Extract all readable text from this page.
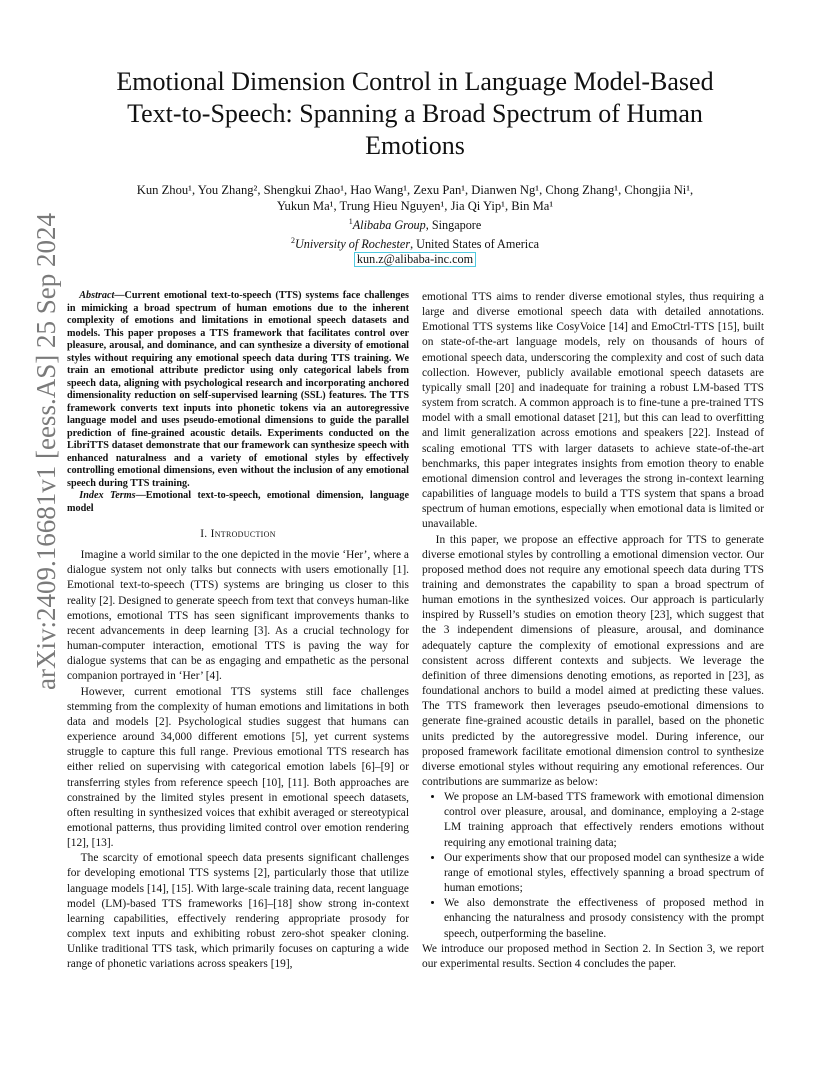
arXiv:2409.16681v1 [eess.AS] 25 Sep 2024
Emotional Dimension Control in Language Model-Based
Text-to-Speech: Spanning a Broad Spectrum of Human
Emotions
Kun Zhou¹, You Zhang², Shengkui Zhao¹, Hao Wang¹, Zexu Pan¹, Dianwen Ng¹, Chong Zhang¹, Chongjia Ni¹,
Yukun Ma¹, Trung Hieu Nguyen¹, Jia Qi Yip¹, Bin Ma¹
$^1$Alibaba Group, Singapore
$^2$University of Rochester, United States of America
kun.z@alibaba-inc.com

Abstract—Current emotional text-to-speech (TTS) systems face challenges in mimicking a broad spectrum of human emotions due to the inherent complexity of emotions and limitations in emotional speech datasets and models. This paper proposes a TTS framework that facilitates control over pleasure, arousal, and dominance, and can synthesize a diversity of emotional styles without requiring any emotional speech data during TTS training. We train an emotional attribute predictor using only categorical labels from speech data, aligning with psychological research and incorporating anchored dimensionality reduction on self-supervised learning (SSL) features. The TTS framework converts text inputs into phonetic tokens via an autoregressive language model and uses pseudo-emotional dimensions to guide the parallel prediction of fine-grained acoustic details. Experiments conducted on the LibriTTS dataset demonstrate that our framework can synthesize speech with enhanced naturalness and a variety of emotional styles by effectively controlling emotional dimensions, even without the inclusion of any emotional speech during TTS training.

Index Terms—Emotional text-to-speech, emotional dimension, language model

I. Introduction

Imagine a world similar to the one depicted in the movie ‘Her’, where a dialogue system not only talks but connects with users emotionally [1]. Emotional text-to-speech (TTS) systems are bringing us closer to this reality [2]. Designed to generate speech from text that conveys human-like emotions, emotional TTS has seen significant improvements thanks to recent advancements in deep learning [3]. As a crucial technology for human-computer interaction, emotional TTS is paving the way for dialogue systems that can be as engaging and empathetic as the personal companion portrayed in ‘Her’ [4].

However, current emotional TTS systems still face challenges stemming from the complexity of human emotions and limitations in both data and models [2]. Psychological studies suggest that humans can experience around 34,000 different emotions [5], yet current systems struggle to capture this full range. Previous emotional TTS research has either relied on supervising with categorical emotion labels [6]–[9] or transferring styles from reference speech [10], [11]. Both approaches are constrained by the limited styles present in emotional speech datasets, often resulting in synthesized voices that exhibit averaged or stereotypical emotional patterns, thus providing limited control over emotion rendering [12], [13].

The scarcity of emotional speech data presents significant challenges for developing emotional TTS systems [2], particularly those that utilize language models [14], [15]. With large-scale training data, recent language model (LM)-based TTS frameworks [16]–[18] show strong in-context learning capabilities, effectively rendering appropriate prosody for complex text inputs and exhibiting robust zero-shot speaker cloning. Unlike traditional TTS task, which primarily focuses on capturing a wide range of phonetic variations across speakers [19],

emotional TTS aims to render diverse emotional styles, thus requiring a large and diverse emotional speech data with detailed annotations. Emotional TTS systems like CosyVoice [14] and EmoCtrl-TTS [15], built on state-of-the-art language models, rely on thousands of hours of emotional speech data, underscoring the complexity and cost of such data collection. However, publicly available emotional speech datasets are typically small [20] and inadequate for training a robust LM-based TTS system from scratch. A common approach is to fine-tune a pre-trained TTS model with a small emotional dataset [21], but this can lead to overfitting and limit generalization across emotions and speakers [22]. Instead of scaling emotional TTS with larger datasets to achieve state-of-the-art benchmarks, this paper integrates insights from emotion theory to enable emotional dimension control and leverages the strong in-context learning capabilities of language models to build a TTS system that spans a broad spectrum of human emotions, especially when emotional data is limited or unavailable.

In this paper, we propose an effective approach for TTS to generate diverse emotional styles by controlling a emotional dimension vector. Our proposed method does not require any emotional speech data during TTS training and demonstrates the capability to span a broad spectrum of human emotions in the synthesized voices. Our approach is particularly inspired by Russell’s studies on emotion theory [23], which suggest that the 3 independent dimensions of pleasure, arousal, and dominance adequately capture the complexity of emotional expressions and are consistent across different contexts and subjects. We leverage the definition of three dimensions denoting emotions, as reported in [23], as foundational anchors to build a model aimed at predicting these values. The TTS framework then leverages pseudo-emotional dimensions to generate fine-grained acoustic details in parallel, based on the phonetic units predicted by the autoregressive model. During inference, our proposed framework facilitate emotional dimension control to synthesize diverse emotional styles without requiring any emotional references. Our contributions are summarize as below:

• We propose an LM-based TTS framework with emotional dimension control over pleasure, arousal, and dominance, employing a 2-stage LM training approach that effectively renders emotions without requiring any emotional training data;
• Our experiments show that our proposed model can synthesize a wide range of emotional styles, effectively spanning a broad spectrum of human emotions;
• We also demonstrate the effectiveness of proposed method in enhancing the naturalness and prosody consistency with the prompt speech, outperforming the baseline.

We introduce our proposed method in Section 2. In Section 3, we report our experimental results. Section 4 concludes the paper.
